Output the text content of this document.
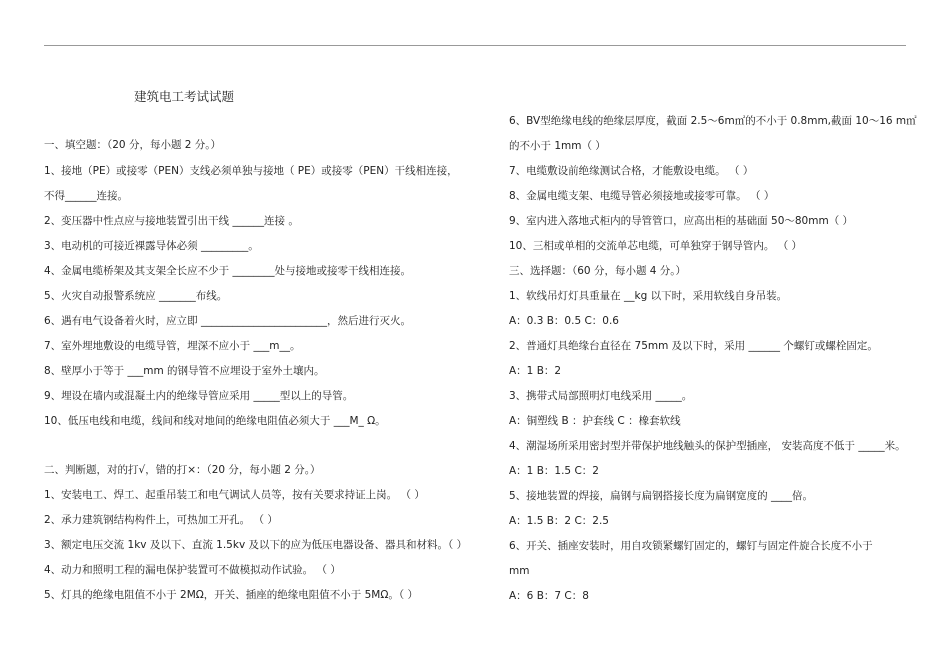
建筑电工考试试题
一、填空题：（20 分，每小题 2 分。）
1、接地（PE）或接零（PEN）支线必须单独与接地（ PE）或接零（PEN）干线相连接，
不得______连接。
2、变压器中性点应与接地装置引出干线 ______连接 。
3、电动机的可接近裸露导体必须 _________。
4、金属电缆桥架及其支架全长应不少于 ________处与接地或接零干线相连接。
5、火灾自动报警系统应 _______布线。
6、遇有电气设备着火时，应立即 ________________________，然后进行灭火。
7、室外埋地敷设的电缆导管，埋深不应小于 ___m__。
8、壁厚小于等于 ___mm 的钢导管不应埋设于室外土壤内。
9、埋设在墙内或混凝土内的绝缘导管应采用 _____型以上的导管。
10、低压电线和电缆，线间和线对地间的绝缘电阻值必须大于 ___M_ Ω。
二、判断题，对的打√，错的打×：（20 分，每小题 2 分。）
1、安装电工、焊工、起重吊装工和电气调试人员等，按有关要求持证上岗。 （ ）
2、承力建筑钢结构构件上，可热加工开孔。 （ ）
3、额定电压交流 1kv 及以下、直流 1.5kv 及以下的应为低压电器设备、器具和材料。（ ）
4、动力和照明工程的漏电保护装置可不做模拟动作试验。 （ ）
5、灯具的绝缘电阻值不小于 2MΩ，开关、插座的绝缘电阻值不小于 5MΩ。（ ）
6、BV型绝缘电线的绝缘层厚度，截面 2.5～6m㎡的不小于 0.8mm,截面 10～16 m㎡
的不小于 1mm（ ）
7、电缆敷设前绝缘测试合格，才能敷设电缆。 （ ）
8、金属电缆支架、电缆导管必须接地或接零可靠。 （ ）
9、室内进入落地式柜内的导管管口，应高出柜的基础面 50～80mm（ ）
10、三相或单相的交流单芯电缆，可单独穿于钢导管内。 （ ）
三、选择题：（60 分，每小题 4 分。）
1、软线吊灯灯具重量在 __kg 以下时，采用软线自身吊装。
A：0.3 B：0.5 C：0.6
2、普通灯具绝缘台直径在 75mm 及以下时，采用 ______ 个螺钉或螺栓固定。
A：1 B：2
3、携带式局部照明灯电线采用 _____。
A：铜塑线 B ：护套线 C ：橡套软线
4、潮湿场所采用密封型并带保护地线触头的保护型插座， 安装高度不低于 _____米。
A：1 B：1.5 C：2
5、接地装置的焊接，扁钢与扁钢搭接长度为扁钢宽度的 ____倍。
A：1.5 B：2 C：2.5
6、开关、插座安装时，用自攻锁紧螺钉固定的，螺钉与固定件旋合长度不小于
mm
A：6 B：7 C：8
